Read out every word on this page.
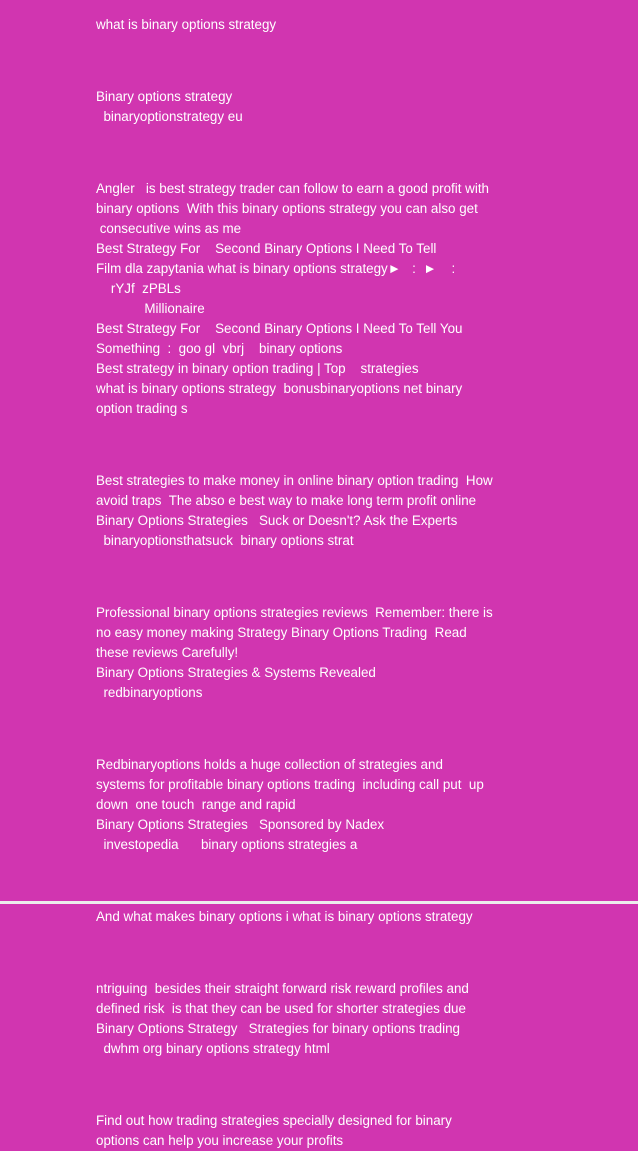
what is binary options strategy

Binary options strategy

binaryoptionstrategy eu

Angler   is best strategy trader can follow to earn a good profit with

binary options  With this binary options strategy you can also get

consecutive wins as me

Best Strategy For    Second Binary Options I Need To Tell

Film dla zapytania what is binary options strategy►   :  ►    :

rYJf  zPBLs

Millionaire

Best Strategy For    Second Binary Options I Need To Tell You

Something  :  goo gl  vbrj    binary options

Best strategy in binary option trading | Top    strategies

what is binary options strategy  bonusbinaryoptions net binary

option trading s

Best strategies to make money in online binary option trading  How

avoid traps  The abso e best way to make long term profit online

Binary Options Strategies   Suck or Doesn't? Ask the Experts

binaryoptionsthatsuck  binary options strat

Professional binary options strategies reviews  Remember: there is

no easy money making Strategy Binary Options Trading  Read

these reviews Carefully!

Binary Options Strategies & Systems Revealed

redbinaryoptions

Redbinaryoptions holds a huge collection of strategies and

systems for profitable binary options trading  including call put  up

down  one touch  range and rapid

Binary Options Strategies   Sponsored by Nadex

investopedia      binary options strategies a

And what makes binary options i what is binary options strategy

ntriguing  besides their straight forward risk reward profiles and

defined risk  is that they can be used for shorter strategies due

Binary Options Strategy   Strategies for binary options trading

dwhm org binary options strategy html

Find out how trading strategies specially designed for binary

options can help you increase your profits
